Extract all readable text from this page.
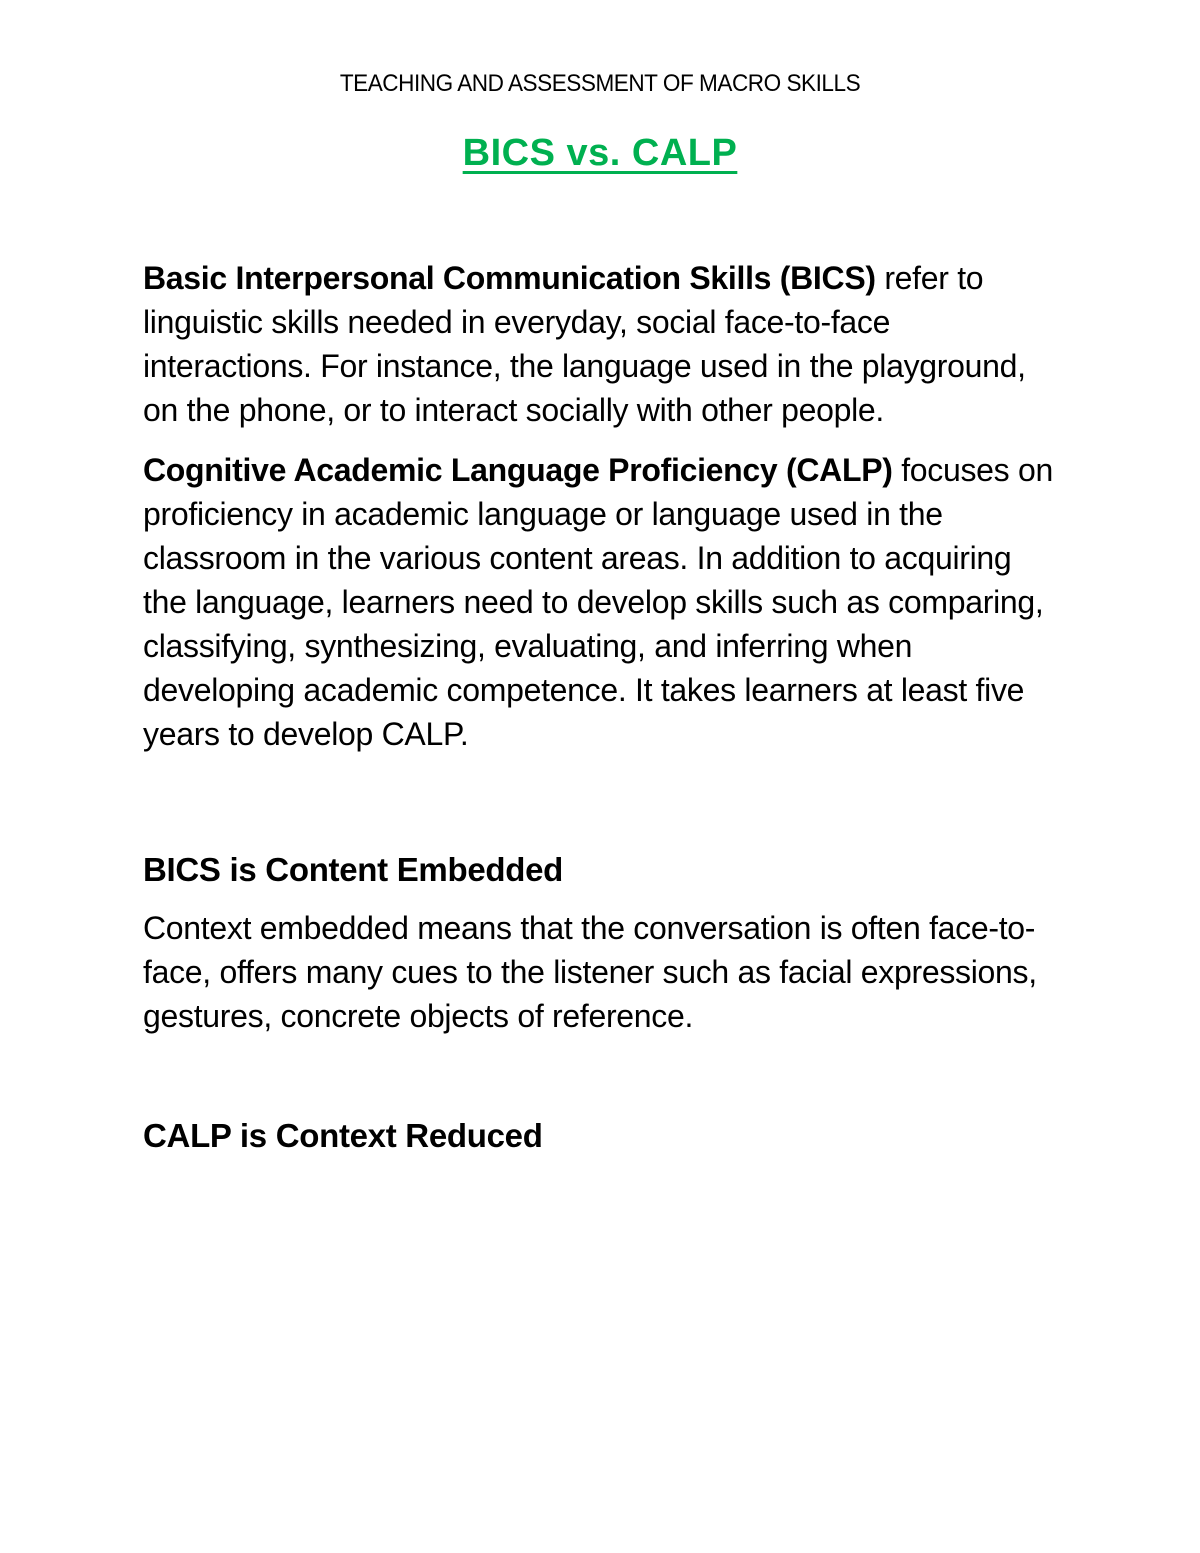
TEACHING AND ASSESSMENT OF MACRO SKILLS
BICS vs. CALP

Basic Interpersonal Communication Skills (BICS) refer to linguistic skills needed in everyday, social face-to-face interactions. For instance, the language used in the playground, on the phone, or to interact socially with other people.

Cognitive Academic Language Proficiency (CALP) focuses on proficiency in academic language or language used in the classroom in the various content areas. In addition to acquiring the language, learners need to develop skills such as comparing, classifying, synthesizing, evaluating, and inferring when developing academic competence. It takes learners at least five years to develop CALP.

BICS is Content Embedded

Context embedded means that the conversation is often face-to-face, offers many cues to the listener such as facial expressions, gestures, concrete objects of reference.

CALP is Context Reduced
